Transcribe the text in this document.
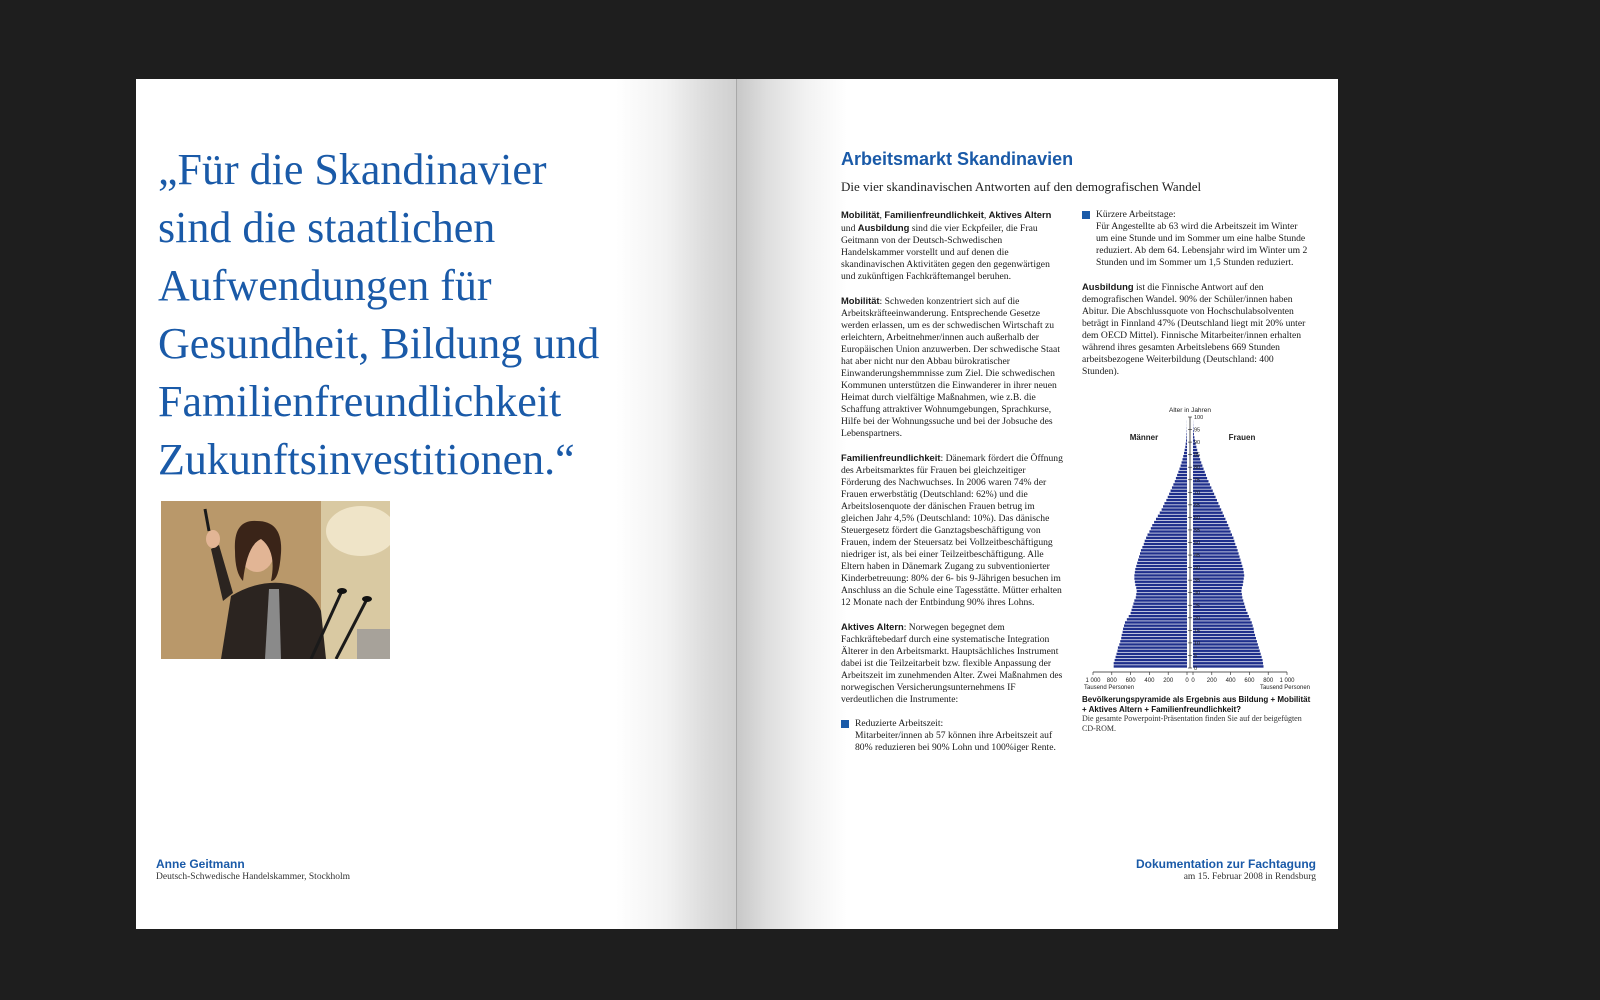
„Für die Skandinavier
sind die staatlichen
Aufwendungen für
Gesundheit, Bildung und
Familienfreundlichkeit
Zukunftsinvestitionen.“
Anne Geitmann
Deutsch-Schwedische Handelskammer, Stockholm
Arbeitsmarkt Skandinavien
Die vier skandinavischen Antworten auf den demografischen Wandel

Mobilität, Familienfreundlichkeit, Aktives Altern und Ausbildung sind die vier Eckpfeiler, die Frau Geitmann von der Deutsch-Schwedischen Handelskammer vorstellt und auf denen die skandinavischen Aktivitäten gegen den gegenwärtigen und zukünftigen Fachkräftemangel beruhen.

Mobilität: Schweden konzentriert sich auf die Arbeitskräfteeinwanderung. Entsprechende Gesetze werden erlassen, um es der schwedischen Wirtschaft zu erleichtern, Arbeitnehmer/innen auch außerhalb der Europäischen Union anzuwerben. Der schwedische Staat hat aber nicht nur den Abbau bürokratischer Einwanderungshemmnisse zum Ziel. Die schwedischen Kommunen unterstützen die Einwanderer in ihrer neuen Heimat durch vielfältige Maßnahmen, wie z.B. die Schaffung attraktiver Wohnumgebungen, Sprachkurse, Hilfe bei der Wohnungssuche und bei der Jobsuche des Lebenspartners.

Familienfreundlichkeit: Dänemark fördert die Öffnung des Arbeitsmarktes für Frauen bei gleichzeitiger Förderung des Nachwuchses. In 2006 waren 74% der Frauen erwerbstätig (Deutschland: 62%) und die Arbeitslosenquote der dänischen Frauen betrug im gleichen Jahr 4,5% (Deutschland: 10%). Das dänische Steuergesetz fördert die Ganztagsbeschäftigung von Frauen, indem der Steuersatz bei Vollzeitbeschäftigung niedriger ist, als bei einer Teilzeitbeschäftigung. Alle Eltern haben in Dänemark Zugang zu subventionierter Kinderbetreuung: 80% der 6- bis 9-Jährigen besuchen im Anschluss an die Schule eine Tagesstätte. Mütter erhalten 12 Monate nach der Entbindung 90% ihres Lohns.

Aktives Altern: Norwegen begegnet dem Fachkräftebedarf durch eine systematische Integration Älterer in den Arbeitsmarkt. Hauptsächliches Instrument dabei ist die Teilzeitarbeit bzw. flexible Anpassung der Arbeitszeit im zunehmenden Alter. Zwei Maßnahmen des norwegischen Versicherungsunternehmens IF verdeutlichen die Instrumente:

Reduzierte Arbeitszeit:
Mitarbeiter/innen ab 57 können ihre Arbeitszeit auf 80% reduzieren bei 90% Lohn und 100%iger Rente.
Kürzere Arbeitstage:
Für Angestellte ab 63 wird die Arbeitszeit im Winter um eine Stunde und im Sommer um eine halbe Stunde reduziert. Ab dem 64. Lebensjahr wird im Winter um 2 Stunden und im Sommer um 1,5 Stunden reduziert.

Ausbildung ist die Finnische Antwort auf den demografischen Wandel. 90% der Schüler/innen haben Abitur. Die Abschlussquote von Hochschulabsolventen beträgt in Finnland 47% (Deutschland liegt mit 20% unter dem OECD Mittel). Finnische Mitarbeiter/innen erhalten während ihres gesamten Arbeitslebens 669 Stunden arbeitsbezogene Weiterbildung (Deutschland: 400 Stunden).

Alter in Jahren
Männer	Frauen
0
5
10
15
20
25
30
35
40
45
50
55
60
65
70
75
80
85
90
95
100
1 000 800 600 400 200 0 0 200 400 600 800 1 000
Tausend Personen	Tausend Personen
Bevölkerungspyramide als Ergebnis aus Bildung + Mobilität + Aktives Altern + Familienfreundlichkeit?
Die gesamte Powerpoint-Präsentation finden Sie auf der beigefügten CD-ROM.
Dokumentation zur Fachtagung
am 15. Februar 2008 in Rendsburg
